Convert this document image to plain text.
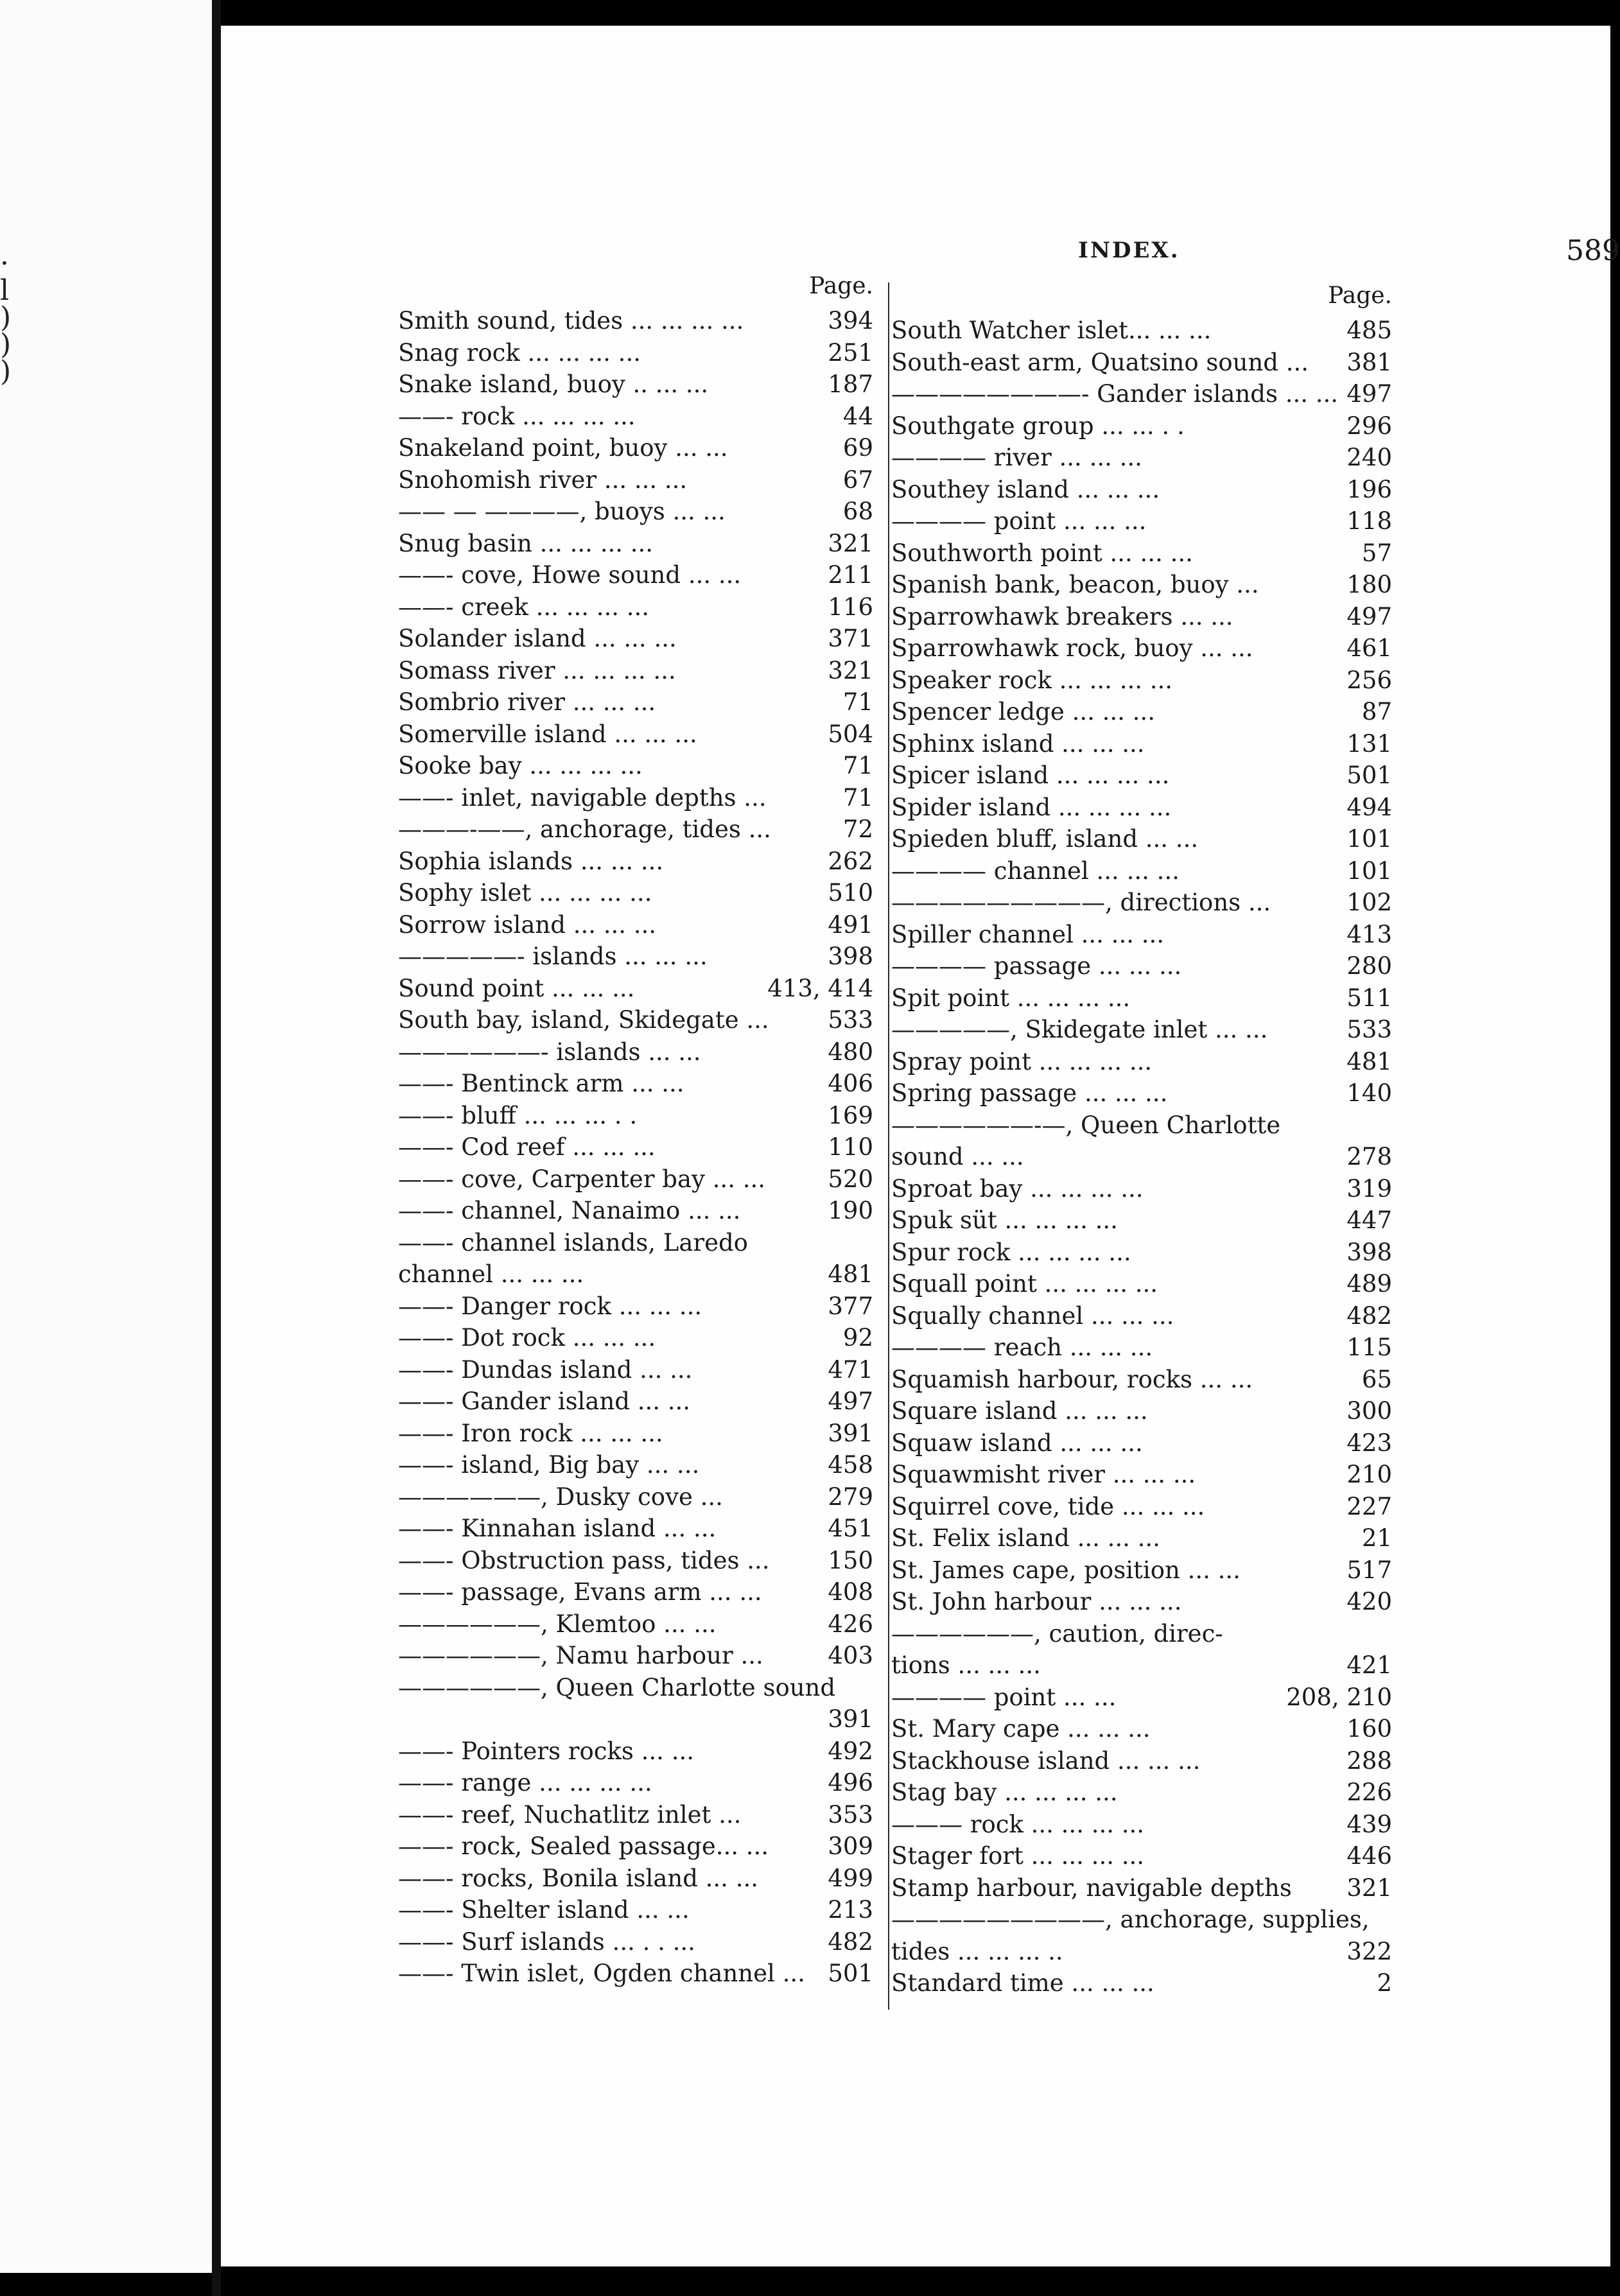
·
l
)
)
)
INDEX.	589
Page.
Smith sound, tides ... ... ... ...	394
Snag rock ... ... ... ...	251
Snake island, buoy .. ... ...	187
——- rock ... ... ... ...	44
Snakeland point, buoy ... ...	69
Snohomish river ... ... ...	67
—— — ————, buoys ... ...	68
Snug basin ... ... ... ...	321
——- cove, Howe sound ... ...	211
——- creek ... ... ... ...	116
Solander island ... ... ...	371
Somass river ... ... ... ...	321
Sombrio river ... ... ...	71
Somerville island ... ... ...	504
Sooke bay ... ... ... ...	71
——- inlet, navigable depths ...	71
———-——, anchorage, tides ...	72
Sophia islands ... ... ...	262
Sophy islet ... ... ... ...	510
Sorrow island ... ... ...	491
—————- islands ... ... ...	398
Sound point ... ... ...	413, 414
South bay, island, Skidegate ... 533
——————- islands ... ...	480
——- Bentinck arm ... ...	406
——- bluff ... ... ... . .	169
——- Cod reef ... ... ...	110
——- cove, Carpenter bay ... ...	520
——- channel, Nanaimo ... ...	190
——- channel islands, Laredo
channel ... ... ...	481
——- Danger rock ... ... ...	377
——- Dot rock ... ... ...	92
——- Dundas island ... ...	471
——- Gander island ... ...	497
——- Iron rock ... ... ...	391
——- island, Big bay ... ...	458
——————, Dusky cove ...	279
——- Kinnahan island ... ...	451
——- Obstruction pass, tides ... 150
——- passage, Evans arm ... ...	408
——————, Klemtoo ... ...	426
——————, Namu harbour ...	403
——————, Queen Charlotte sound
391
——- Pointers rocks ... ...	492
——- range ... ... ... ...	496
——- reef, Nuchatlitz inlet ...	353
——- rock, Sealed passage... ... 309
——- rocks, Bonila island ... ...	499
——- Shelter island ... ...	213
——- Surf islands ... . . ...	482
——- Twin islet, Ogden channel ... 501
Page.
South Watcher islet... ... ...	485
South-east arm, Quatsino sound ... 381
————————- Gander islands ... ... 497
Southgate group ... ... . .	296
———— river ... ... ...	240
Southey island ... ... ...	196
———— point ... ... ...	118
Southworth point ... ... ...	57
Spanish bank, beacon, buoy ...	180
Sparrowhawk breakers ... ...	497
Sparrowhawk rock, buoy ... ...	461
Speaker rock ... ... ... ...	256
Spencer ledge ... ... ...	87
Sphinx island ... ... ...	131
Spicer island ... ... ... ...	501
Spider island ... ... ... ...	494
Spieden bluff, island ... ...	101
———— channel ... ... ...	101
—————————, directions ...	102
Spiller channel ... ... ...	413
———— passage ... ... ...	280
Spit point ... ... ... ...	511
—————, Skidegate inlet ... ...	533
Spray point ... ... ... ...	481
Spring passage ... ... ...	140
——————-—, Queen Charlotte
sound ... ...	278
Sproat bay ... ... ... ...	319
Spuk süt ... ... ... ...	447
Spur rock ... ... ... ...	398
Squall point ... ... ... ...	489
Squally channel ... ... ...	482
———— reach ... ... ...	115
Squamish harbour, rocks ... ...	65
Square island ... ... ...	300
Squaw island ... ... ...	423
Squawmisht river ... ... ...	210
Squirrel cove, tide ... ... ...	227
St. Felix island ... ... ...	21
St. James cape, position ... ...	517
St. John harbour ... ... ...	420
——————, caution, direc-
tions ... ... ...	421
———— point ... ...	208, 210
St. Mary cape ... ... ...	160
Stackhouse island ... ... ...	288
Stag bay ... ... ... ...	226
——— rock ... ... ... ...	439
Stager fort ... ... ... ...	446
Stamp harbour, navigable depths 321
—————————, anchorage, supplies,
tides ... ... ... ..	322
Standard time ... ... ...	2
